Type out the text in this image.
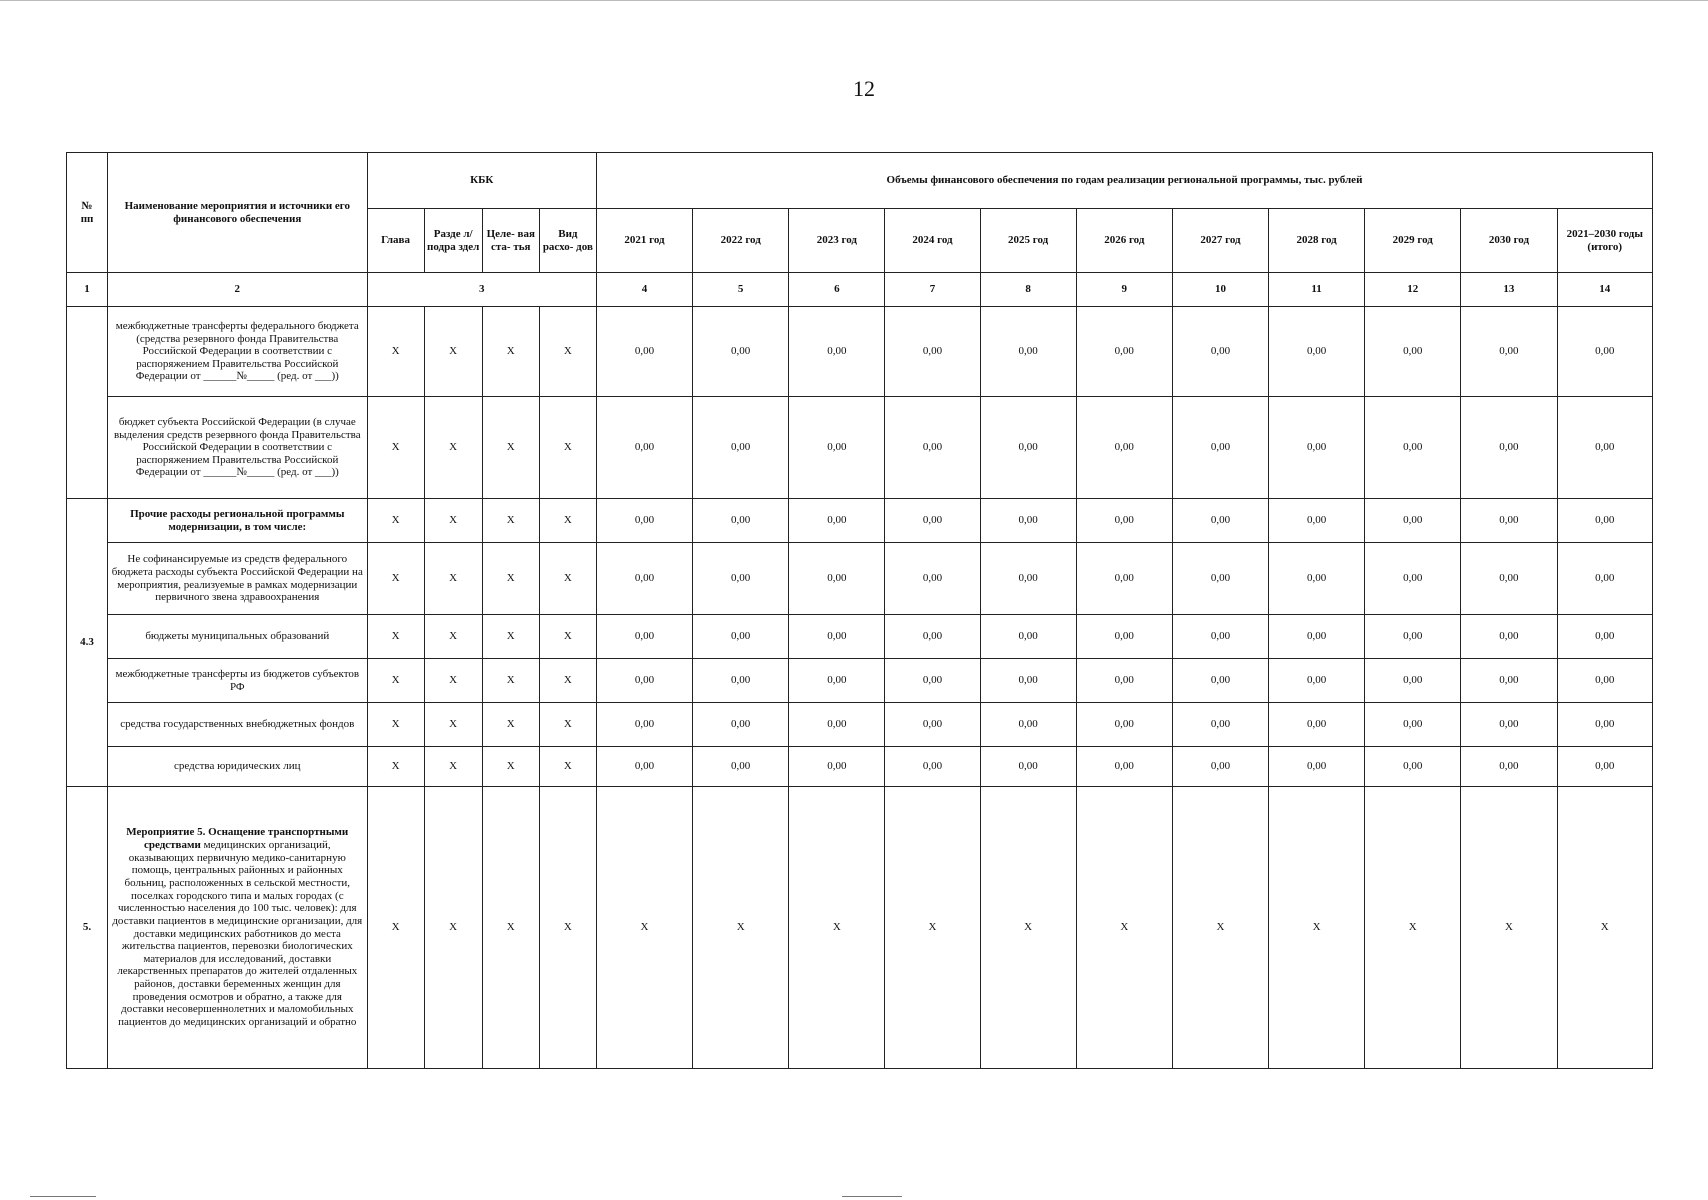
12
№
пп	Наименование мероприятия и источники его финансового обеспечения	КБК				Объемы финансового обеспечения по годам реализации региональной программы, тыс. рублей										
		Глава	Разде л/ подра здел	Целе- вая ста- тья	Вид расхо- дов	2021 год	2022 год	2023 год	2024 год	2025 год	2026 год	2027 год	2028 год	2029 год	2030 год	2021–2030 годы (итого)
1	2	3				4	5	6	7	8	9	10	11	12	13	14
	межбюджетные трансферты федерального бюджета (средства резервного фонда Правительства Российской Федерации в соответствии с распоряжением Правительства Российской Федерации от ______№_____ (ред. от ___))	X	X	X	X	0,00	0,00	0,00	0,00	0,00	0,00	0,00	0,00	0,00	0,00	0,00
	бюджет субъекта Российской Федерации (в случае выделения средств резервного фонда Правительства Российской Федерации в соответствии с распоряжением Правительства Российской Федерации от ______№_____ (ред. от ___))	X	X	X	X	0,00	0,00	0,00	0,00	0,00	0,00	0,00	0,00	0,00	0,00	0,00
4.3	Прочие расходы региональной программы модернизации, в том числе:	X	X	X	X	0,00	0,00	0,00	0,00	0,00	0,00	0,00	0,00	0,00	0,00	0,00
	Не софинансируемые из средств федерального бюджета расходы субъекта Российской Федерации на мероприятия, реализуемые в рамках модернизации первичного звена здравоохранения	X	X	X	X	0,00	0,00	0,00	0,00	0,00	0,00	0,00	0,00	0,00	0,00	0,00
	бюджеты муниципальных образований	X	X	X	X	0,00	0,00	0,00	0,00	0,00	0,00	0,00	0,00	0,00	0,00	0,00
	межбюджетные трансферты из бюджетов субъектов РФ	X	X	X	X	0,00	0,00	0,00	0,00	0,00	0,00	0,00	0,00	0,00	0,00	0,00
	средства государственных внебюджетных фондов	X	X	X	X	0,00	0,00	0,00	0,00	0,00	0,00	0,00	0,00	0,00	0,00	0,00
	средства юридических лиц	X	X	X	X	0,00	0,00	0,00	0,00	0,00	0,00	0,00	0,00	0,00	0,00	0,00
5.	Мероприятие 5. Оснащение транспортными средствами медицинских организаций, оказывающих первичную медико-санитарную помощь, центральных районных и районных больниц, расположенных в сельской местности, поселках городского типа и малых городах (с численностью населения до 100 тыс. человек): для доставки пациентов в медицинские организации, для доставки медицинских работников до места жительства пациентов, перевозки биологических материалов для исследований, доставки лекарственных препаратов до жителей отдаленных районов, доставки беременных женщин для проведения осмотров и обратно, а также для доставки несовершеннолетних и маломобильных пациентов до медицинских организаций и обратно	X	X	X	X	X	X	X	X	X	X	X	X	X	X	X
